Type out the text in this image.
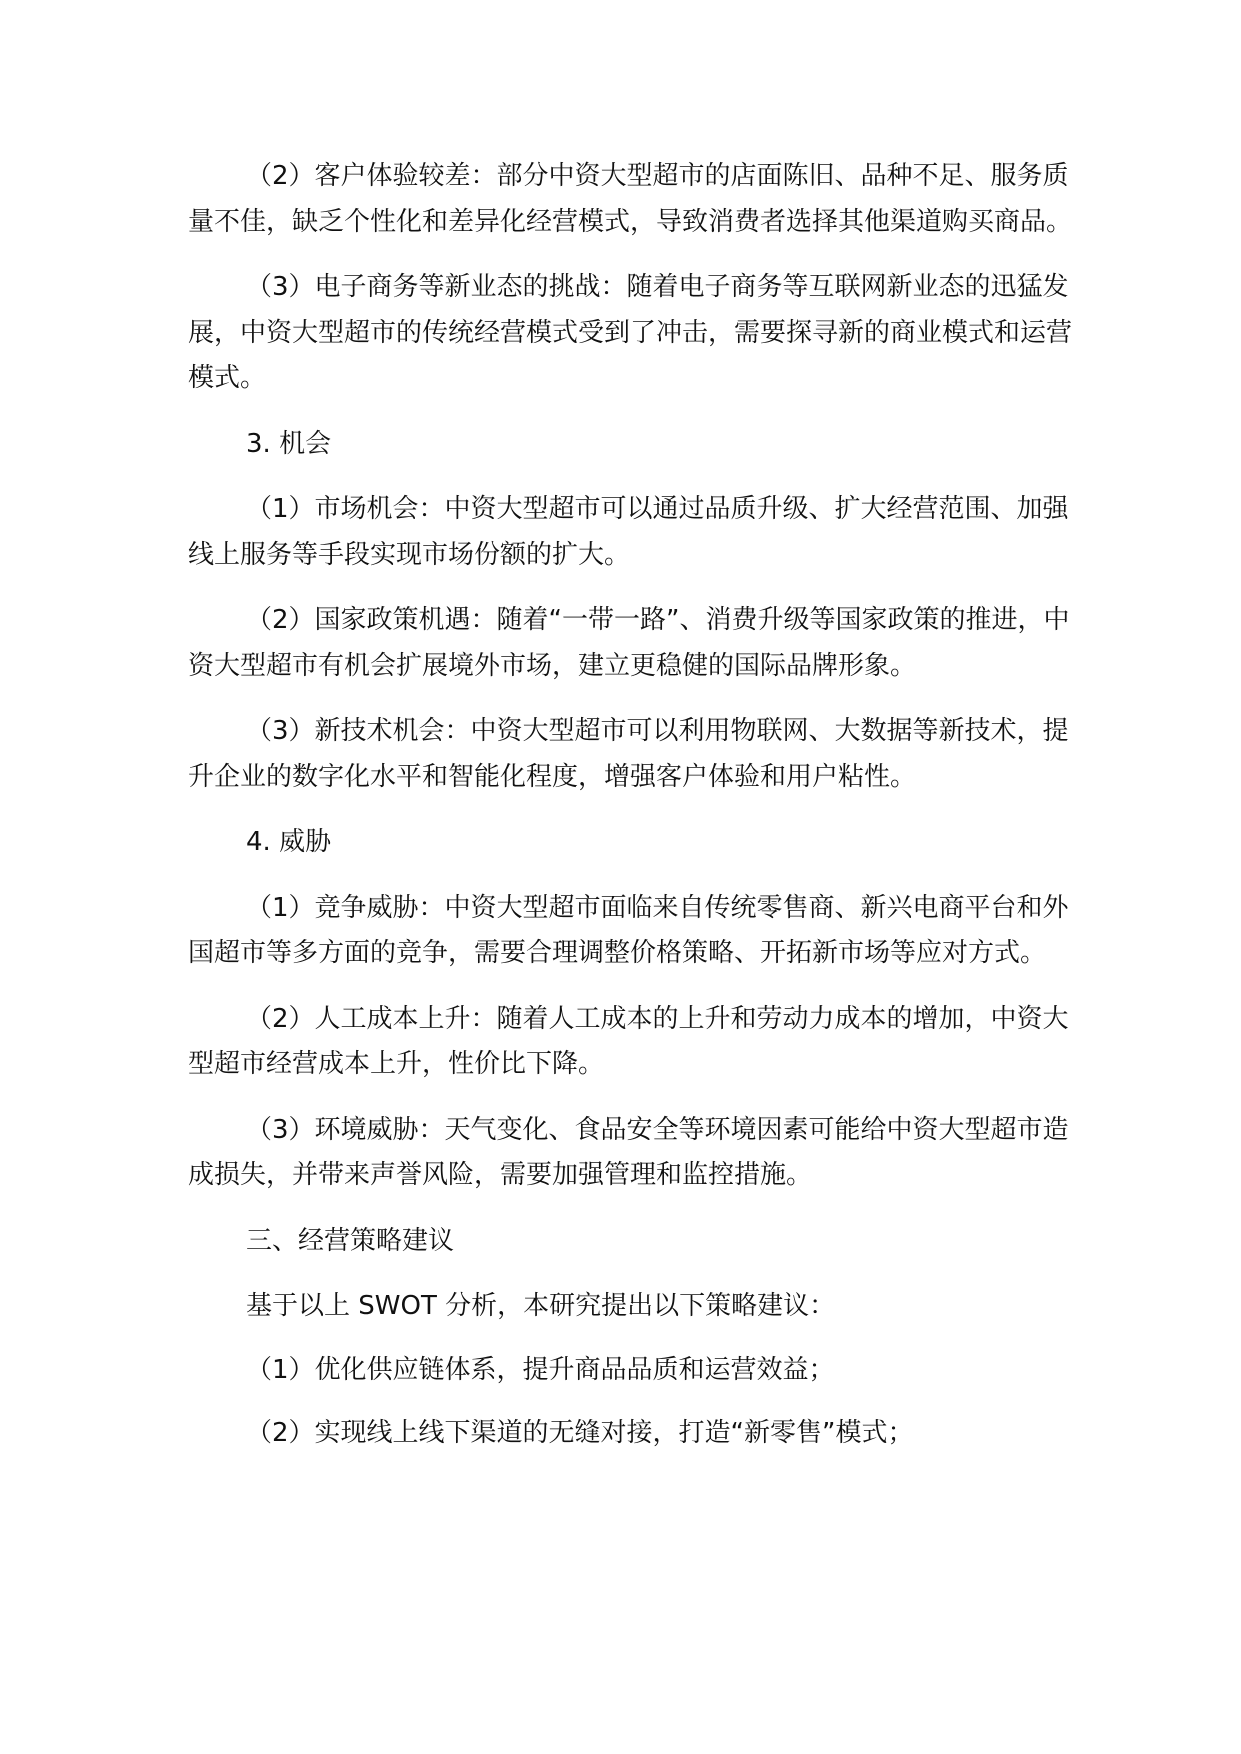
（2）客户体验较差：部分中资大型超市的店面陈旧、品种不足、服务质量不佳，缺乏个性化和差异化经营模式，导致消费者选择其他渠道购买商品。

（3）电子商务等新业态的挑战：随着电子商务等互联网新业态的迅猛发展，中资大型超市的传统经营模式受到了冲击，需要探寻新的商业模式和运营模式。

3. 机会

（1）市场机会：中资大型超市可以通过品质升级、扩大经营范围、加强线上服务等手段实现市场份额的扩大。

（2）国家政策机遇：随着“一带一路”、消费升级等国家政策的推进，中资大型超市有机会扩展境外市场，建立更稳健的国际品牌形象。

（3）新技术机会：中资大型超市可以利用物联网、大数据等新技术，提升企业的数字化水平和智能化程度，增强客户体验和用户粘性。

4. 威胁

（1）竞争威胁：中资大型超市面临来自传统零售商、新兴电商平台和外国超市等多方面的竞争，需要合理调整价格策略、开拓新市场等应对方式。

（2）人工成本上升：随着人工成本的上升和劳动力成本的增加，中资大型超市经营成本上升，性价比下降。

（3）环境威胁：天气变化、食品安全等环境因素可能给中资大型超市造成损失，并带来声誉风险，需要加强管理和监控措施。

三、经营策略建议

基于以上 SWOT 分析，本研究提出以下策略建议：

（1）优化供应链体系，提升商品品质和运营效益；

（2）实现线上线下渠道的无缝对接，打造“新零售”模式；
